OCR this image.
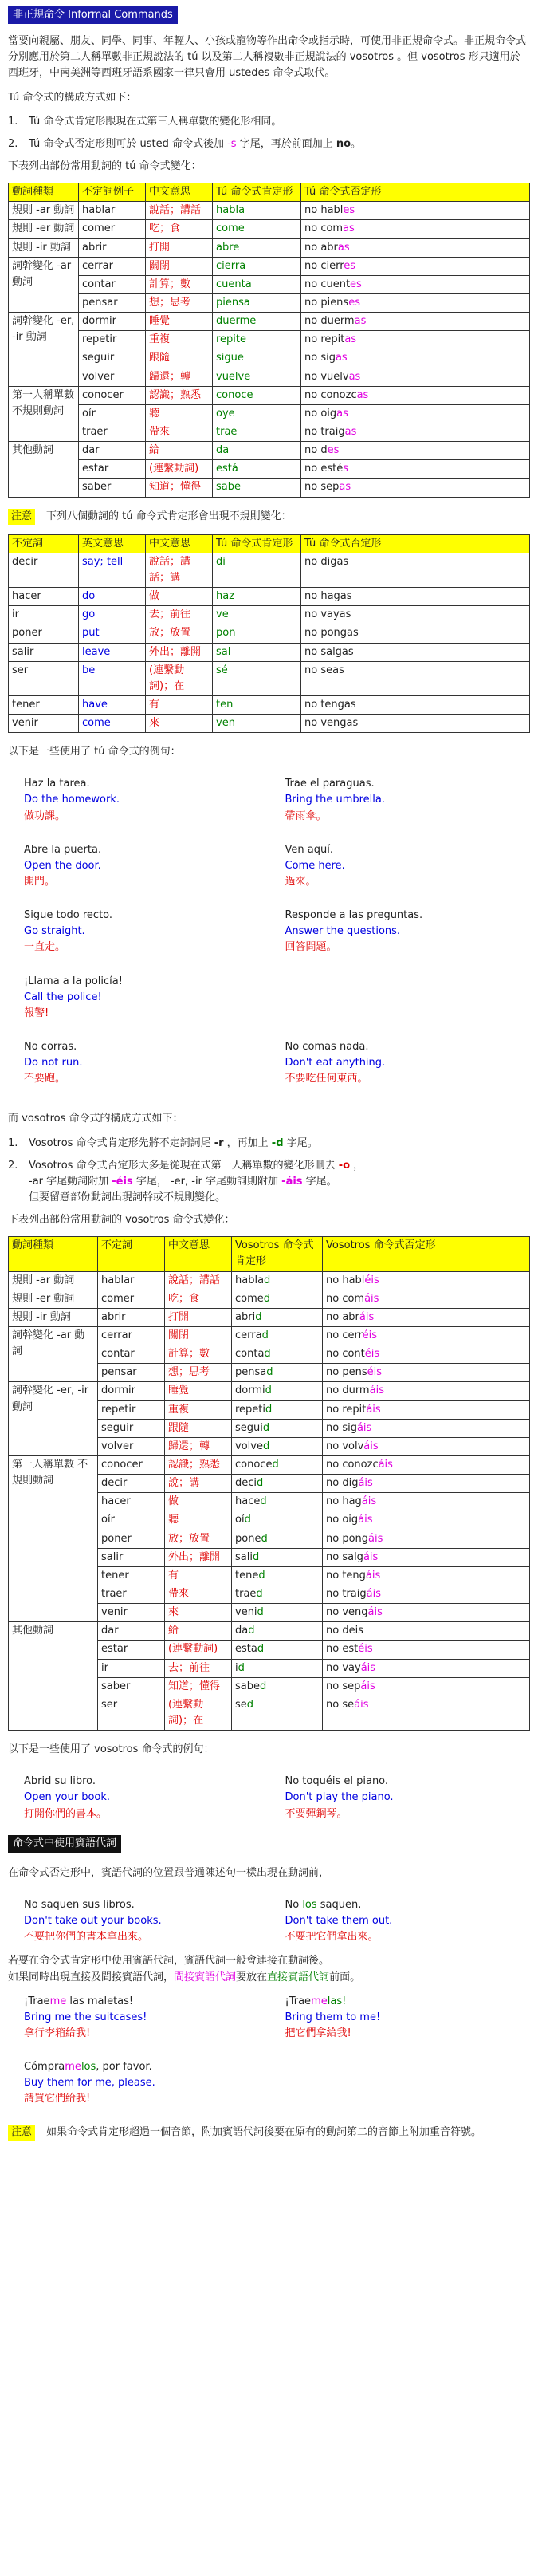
非正規命令 Informal Commands

當要向親屬、朋友、同學、同事、年輕人、小孩或寵物等作出命令或指示時，可使用非正規命令式。非正規命令式分別應用於第二人稱單數非正規說法的 tú 以及第二人稱複數非正規說法的 vosotros 。但 vosotros 形只適用於西班牙，中南美洲等西班牙語系國家一律只會用 ustedes 命令式取代。

Tú 命令式的構成方式如下：

1.	Tú 命令式肯定形跟現在式第三人稱單數的變化形相同。
2.	Tú 命令式否定形則可於 usted 命令式後加 -s 字尾，再於前面加上 no。

下表列出部份常用動詞的 tú 命令式變化：

動詞種類	不定詞例子	中文意思	Tú 命令式肯定形	Tú 命令式否定形
規則 -ar 動詞	hablar	說話；講話	habla	no hables
規則 -er 動詞	comer	吃；食	come	no comas
規則 -ir 動詞	abrir	打開	abre	no abras
詞幹變化 -ar 動詞	cerrar	關閉	cierra	no cierres
	contar	計算；數	cuenta	no cuentes
	pensar	想；思考	piensa	no pienses
詞幹變化 -er, -ir 動詞	dormir	睡覺	duerme	no duermas
	repetir	重複	repite	no repitas
	seguir	跟隨	sigue	no sigas
	volver	歸還；轉	vuelve	no vuelvas
第一人稱單數 不規則動詞	conocer	認識；熟悉	conoce	no conozcas
	oír	聽	oye	no oigas
	traer	帶來	trae	no traigas
其他動詞	dar	給	da	no des
	estar	(連繫動詞)	está	no estés
	saber	知道；懂得	sabe	no sepas
注意	下列八個動詞的 tú 命令式肯定形會出現不規則變化：
不定詞	英文意思	中文意思	Tú 命令式肯定形	Tú 命令式否定形
decir	say; tell	說話；講話；講	di	no digas
hacer	do	做	haz	no hagas
ir	go	去；前往	ve	no vayas
poner	put	放；放置	pon	no pongas
salir	leave	外出；離開	sal	no salgas
ser	be	(連繫動詞)；在	sé	no seas
tener	have	有	ten	no tengas
venir	come	來	ven	no vengas

以下是一些使用了 tú 命令式的例句：

Haz la tarea.
Do the homework.
做功課。
Trae el paraguas.
Bring the umbrella.
帶雨傘。
Abre la puerta.
Open the door.
開門。
Ven aquí.
Come here.
過來。
Sigue todo recto.
Go straight.
一直走。
Responde a las preguntas.
Answer the questions.
回答問題。
¡Llama a la policía!
Call the police!
報警!
No corras.
Do not run.
不要跑。
No comas nada.
Don't eat anything.
不要吃任何東西。

而 vosotros 命令式的構成方式如下：

1.	Vosotros 命令式肯定形先將不定詞詞尾 -r ，再加上 -d 字尾。
2.	Vosotros 命令式否定形大多是從現在式第一人稱單數的變化形刪去 -o ，
-ar 字尾動詞附加 -éis 字尾， -er, -ir 字尾動詞則附加 -áis 字尾。
但要留意部份動詞出現詞幹或不規則變化。

下表列出部份常用動詞的 vosotros 命令式變化：

動詞種類	不定詞	中文意思	Vosotros 命令式肯定形	Vosotros 命令式否定形
規則 -ar 動詞	hablar	說話；講話	hablad	no habléis
規則 -er 動詞	comer	吃；食	comed	no comáis
規則 -ir 動詞	abrir	打開	abrid	no abráis
詞幹變化 -ar 動詞	cerrar	關閉	cerrad	no cerréis
	contar	計算；數	contad	no contéis
	pensar	想；思考	pensad	no penséis
詞幹變化 -er, -ir 動詞	dormir	睡覺	dormid	no durmáis
	repetir	重複	repetid	no repitáis
	seguir	跟隨	seguid	no sigáis
	volver	歸還；轉	volved	no volváis
第一人稱單數 不規則動詞	conocer	認識；熟悉	conoced	no conozcáis
	decir	說；講	decid	no digáis
	hacer	做	haced	no hagáis
	oír	聽	oíd	no oigáis
	poner	放；放置	poned	no pongáis
	salir	外出；離開	salid	no salgáis
	tener	有	tened	no tengáis
	traer	帶來	traed	no traigáis
	venir	來	venid	no vengáis
其他動詞	dar	給	dad	no deis
	estar	(連繫動詞)	estad	no estéis
	ir	去；前往	id	no vayáis
	saber	知道；懂得	sabed	no sepáis
	ser	(連繫動詞)；在	sed	no seáis

以下是一些使用了 vosotros 命令式的例句：

Abrid su libro.
Open your book.
打開你們的書本。
No toquéis el piano.
Don't play the piano.
不要彈鋼琴。
命令式中使用賓語代詞

在命令式否定形中，賓語代詞的位置跟普通陳述句一樣出現在動詞前，

No saquen sus libros.
Don't take out your books.
不要把你們的書本拿出來。
No los saquen.
Don't take them out.
不要把它們拿出來。

若要在命令式肯定形中使用賓語代詞，賓語代詞一般會連接在動詞後。

如果同時出現直接及間接賓語代詞，間接賓語代詞要放在直接賓語代詞前面。

¡Traeme las maletas!
Bring me the suitcases!
拿行李箱給我!
¡Traemelas!
Bring them to me!
把它們拿給我!
Cómpramelos, por favor.
Buy them for me, please.
請買它們給我!
注意	如果命令式肯定形超過一個音節，附加賓語代詞後要在原有的動詞第二的音節上附加重音符號。
